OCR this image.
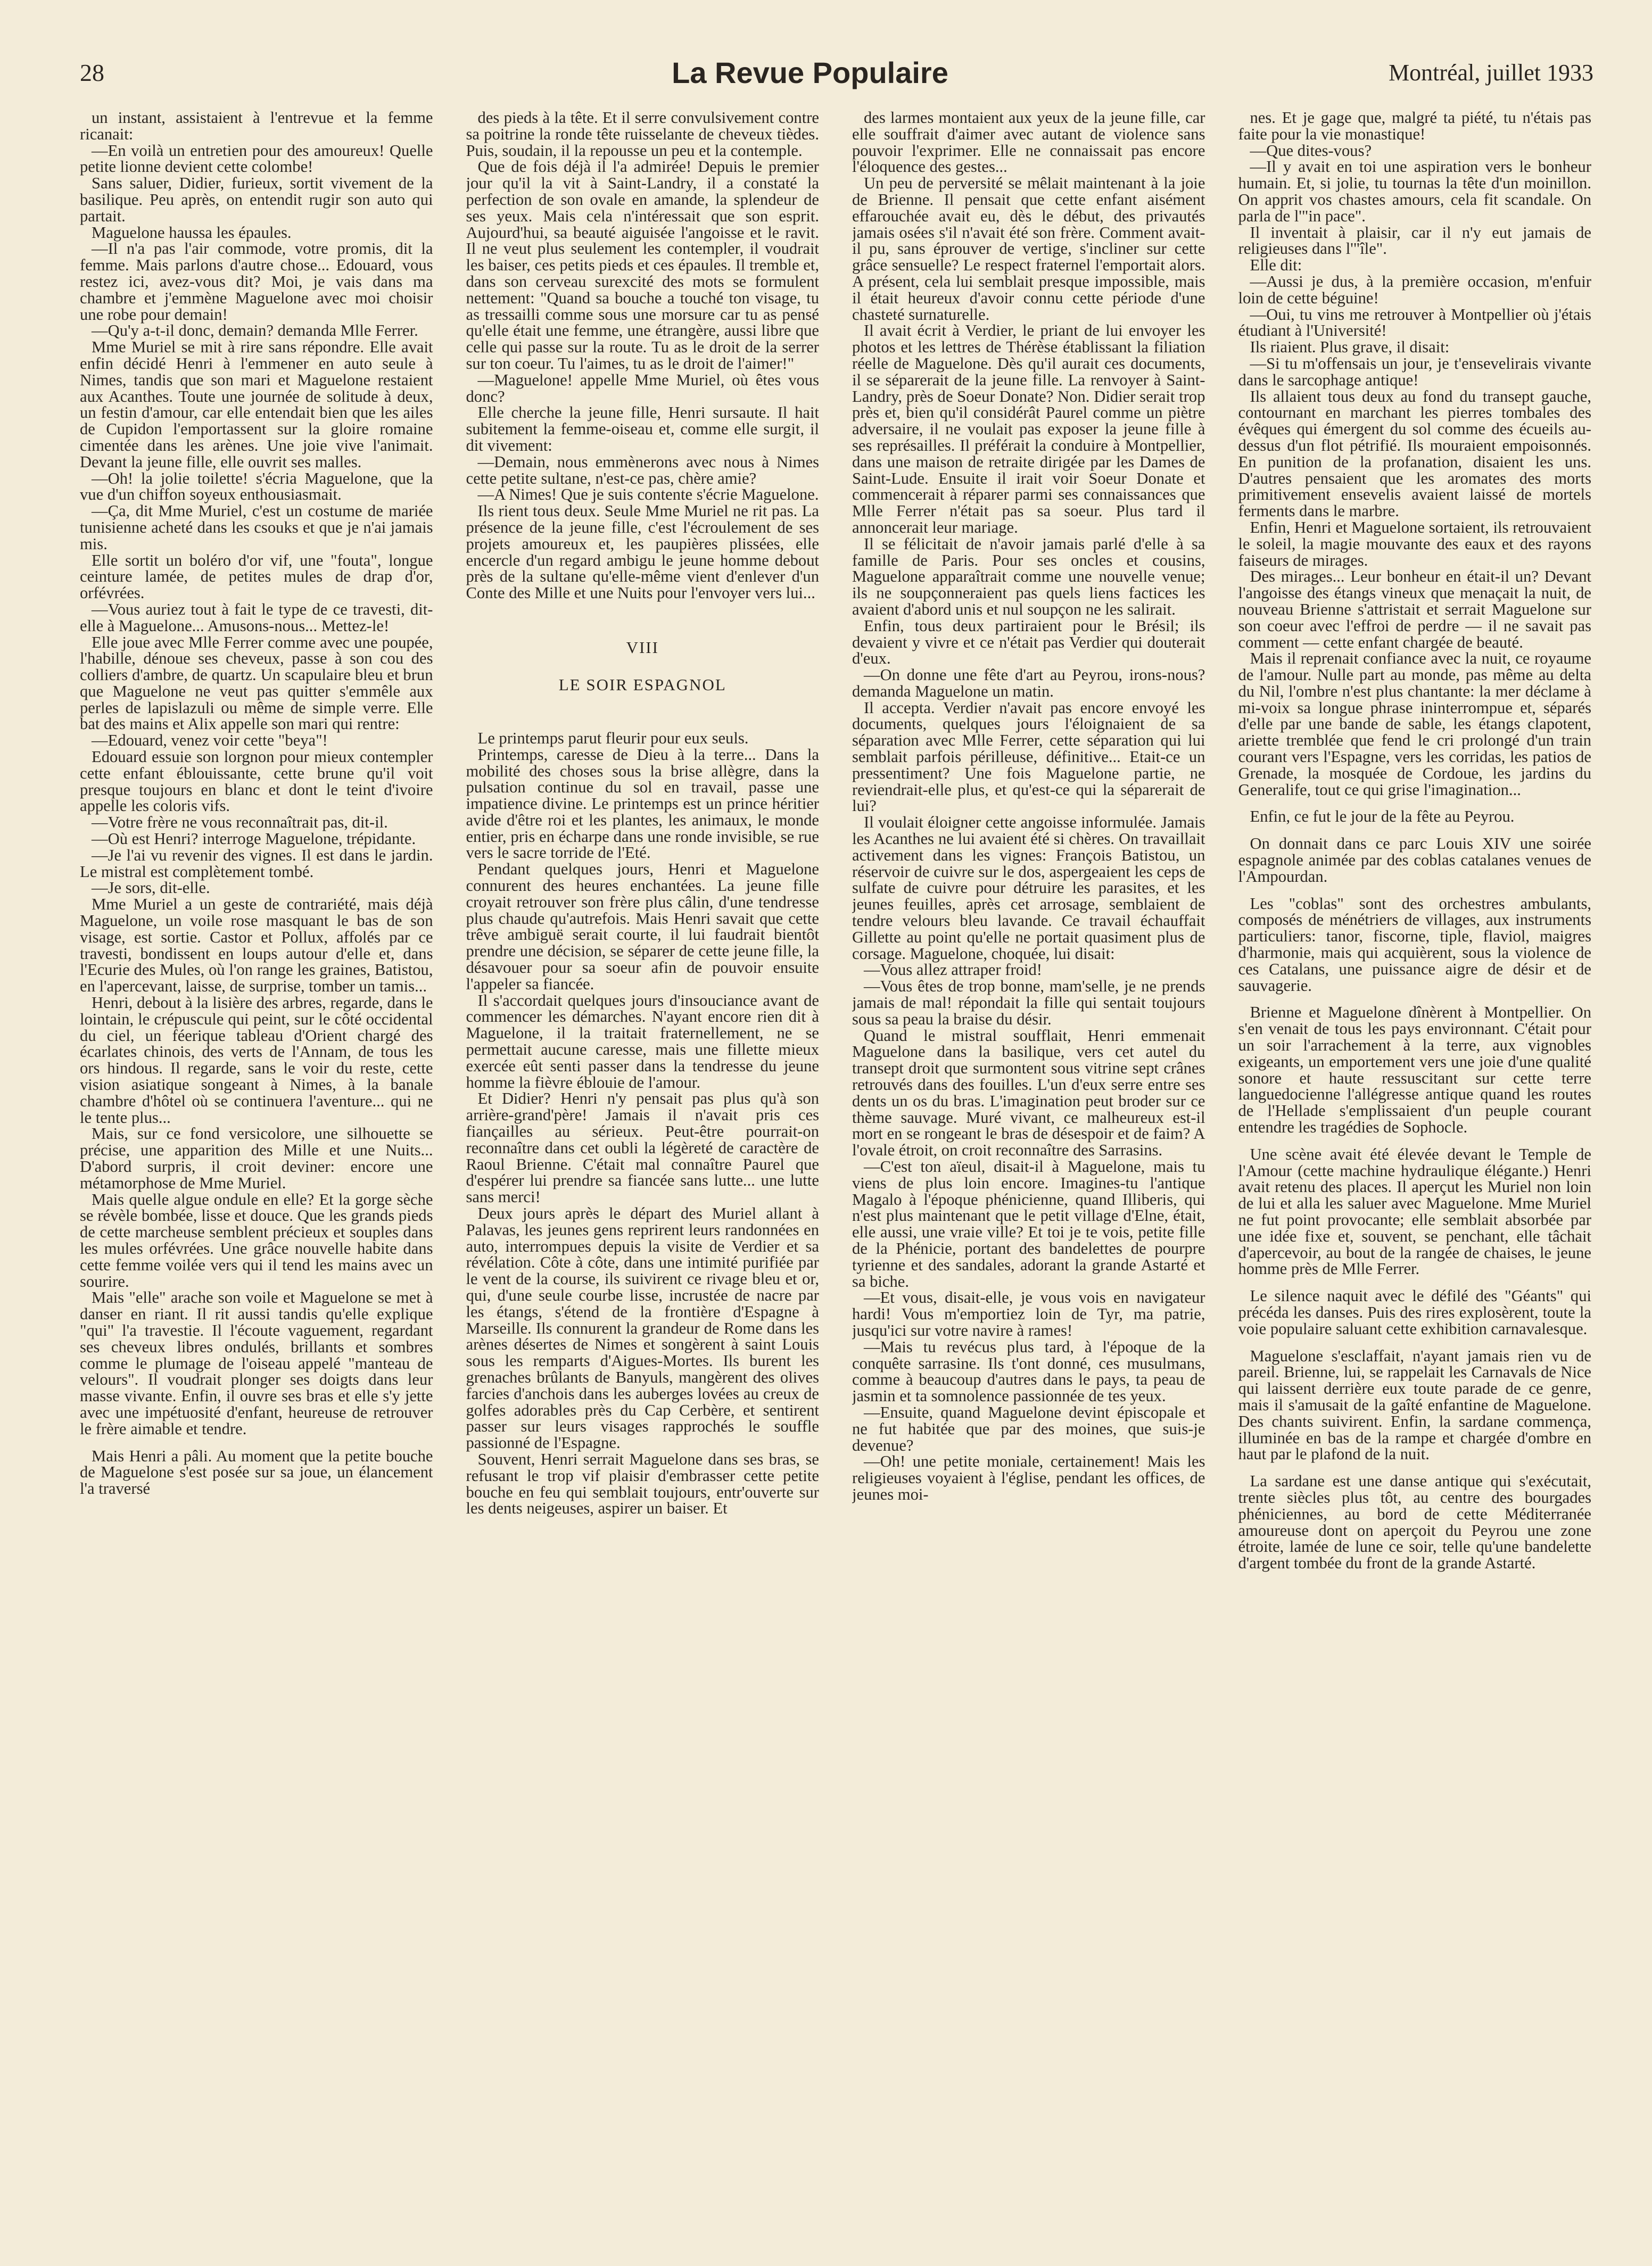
28	La Revue Populaire	Montréal, juillet 1933

un instant, assistaient à l'entrevue et la femme ricanait:

—En voilà un entretien pour des amoureux! Quelle petite lionne devient cette colombe!

Sans saluer, Didier, furieux, sortit vivement de la basilique. Peu après, on entendit rugir son auto qui partait.

Maguelone haussa les épaules.

—Il n'a pas l'air commode, votre promis, dit la femme. Mais parlons d'autre chose... Edouard, vous restez ici, avez-vous dit? Moi, je vais dans ma chambre et j'emmène Maguelone avec moi choisir une robe pour demain!

—Qu'y a-t-il donc, demain? demanda Mlle Ferrer.

Mme Muriel se mit à rire sans répondre. Elle avait enfin décidé Henri à l'emmener en auto seule à Nimes, tandis que son mari et Maguelone restaient aux Acanthes. Toute une journée de solitude à deux, un festin d'amour, car elle entendait bien que les ailes de Cupidon l'emportassent sur la gloire romaine cimentée dans les arènes. Une joie vive l'animait. Devant la jeune fille, elle ouvrit ses malles.

—Oh! la jolie toilette! s'écria Maguelone, que la vue d'un chiffon soyeux enthousiasmait.

—Ça, dit Mme Muriel, c'est un costume de mariée tunisienne acheté dans les csouks et que je n'ai jamais mis.

Elle sortit un boléro d'or vif, une "fouta", longue ceinture lamée, de petites mules de drap d'or, orfévrées.

—Vous auriez tout à fait le type de ce travesti, dit-elle à Maguelone... Amusons-nous... Mettez-le!

Elle joue avec Mlle Ferrer comme avec une poupée, l'habille, dénoue ses cheveux, passe à son cou des colliers d'ambre, de quartz. Un scapulaire bleu et brun que Maguelone ne veut pas quitter s'emmêle aux perles de lapislazuli ou même de simple verre. Elle bat des mains et Alix appelle son mari qui rentre:

—Edouard, venez voir cette "beya"!

Edouard essuie son lorgnon pour mieux contempler cette enfant éblouissante, cette brune qu'il voit presque toujours en blanc et dont le teint d'ivoire appelle les coloris vifs.

—Votre frère ne vous reconnaîtrait pas, dit-il.

—Où est Henri? interroge Maguelone, trépidante.

—Je l'ai vu revenir des vignes. Il est dans le jardin. Le mistral est complètement tombé.

—Je sors, dit-elle.

Mme Muriel a un geste de contrariété, mais déjà Maguelone, un voile rose masquant le bas de son visage, est sortie. Castor et Pollux, affolés par ce travesti, bondissent en loups autour d'elle et, dans l'Ecurie des Mules, où l'on range les graines, Batistou, en l'apercevant, laisse, de surprise, tomber un tamis...

Henri, debout à la lisière des arbres, regarde, dans le lointain, le crépuscule qui peint, sur le côté occidental du ciel, un féerique tableau d'Orient chargé des écarlates chinois, des verts de l'Annam, de tous les ors hindous. Il regarde, sans le voir du reste, cette vision asiatique songeant à Nimes, à la banale chambre d'hôtel où se continuera l'aventure... qui ne le tente plus...

Mais, sur ce fond versicolore, une silhouette se précise, une apparition des Mille et une Nuits... D'abord surpris, il croit deviner: encore une métamorphose de Mme Muriel.

Mais quelle algue ondule en elle? Et la gorge sèche se révèle bombée, lisse et douce. Que les grands pieds de cette marcheuse semblent précieux et souples dans les mules orfévrées. Une grâce nouvelle habite dans cette femme voilée vers qui il tend les mains avec un sourire.

Mais "elle" arache son voile et Maguelone se met à danser en riant. Il rit aussi tandis qu'elle explique "qui" l'a travestie. Il l'écoute vaguement, regardant ses cheveux libres ondulés, brillants et sombres comme le plumage de l'oiseau appelé "manteau de velours". Il voudrait plonger ses doigts dans leur masse vivante. Enfin, il ouvre ses bras et elle s'y jette avec une impétuosité d'enfant, heureuse de retrouver le frère aimable et tendre.

Mais Henri a pâli. Au moment que la petite bouche de Maguelone s'est posée sur sa joue, un élancement l'a traversé

des pieds à la tête. Et il serre convulsivement contre sa poitrine la ronde tête ruisselante de cheveux tièdes. Puis, soudain, il la repousse un peu et la contemple.

Que de fois déjà il l'a admirée! Depuis le premier jour qu'il la vit à Saint-Landry, il a constaté la perfection de son ovale en amande, la splendeur de ses yeux. Mais cela n'intéressait que son esprit. Aujourd'hui, sa beauté aiguisée l'angoisse et le ravit. Il ne veut plus seulement les contempler, il voudrait les baiser, ces petits pieds et ces épaules. Il tremble et, dans son cerveau surexcité des mots se formulent nettement: "Quand sa bouche a touché ton visage, tu as tressailli comme sous une morsure car tu as pensé qu'elle était une femme, une étrangère, aussi libre que celle qui passe sur la route. Tu as le droit de la serrer sur ton coeur. Tu l'aimes, tu as le droit de l'aimer!"

—Maguelone! appelle Mme Muriel, où êtes vous donc?

Elle cherche la jeune fille, Henri sursaute. Il hait subitement la femme-oiseau et, comme elle surgit, il dit vivement:

—Demain, nous emmènerons avec nous à Nimes cette petite sultane, n'est-ce pas, chère amie?

—A Nimes! Que je suis contente s'écrie Maguelone.

Ils rient tous deux. Seule Mme Muriel ne rit pas. La présence de la jeune fille, c'est l'écroulement de ses projets amoureux et, les paupières plissées, elle encercle d'un regard ambigu le jeune homme debout près de la sultane qu'elle-même vient d'enlever d'un Conte des Mille et une Nuits pour l'envoyer vers lui...

VIII
LE SOIR ESPAGNOL

Le printemps parut fleurir pour eux seuls.

Printemps, caresse de Dieu à la terre... Dans la mobilité des choses sous la brise allègre, dans la pulsation continue du sol en travail, passe une impatience divine. Le printemps est un prince héritier avide d'être roi et les plantes, les animaux, le monde entier, pris en écharpe dans une ronde invisible, se rue vers le sacre torride de l'Eté.

Pendant quelques jours, Henri et Maguelone connurent des heures enchantées. La jeune fille croyait retrouver son frère plus câlin, d'une tendresse plus chaude qu'autrefois. Mais Henri savait que cette trêve ambiguë serait courte, il lui faudrait bientôt prendre une décision, se séparer de cette jeune fille, la désavouer pour sa soeur afin de pouvoir ensuite l'appeler sa fiancée.

Il s'accordait quelques jours d'insouciance avant de commencer les démarches. N'ayant encore rien dit à Maguelone, il la traitait fraternellement, ne se permettait aucune caresse, mais une fillette mieux exercée eût senti passer dans la tendresse du jeune homme la fièvre éblouie de l'amour.

Et Didier? Henri n'y pensait pas plus qu'à son arrière-grand'père! Jamais il n'avait pris ces fiançailles au sérieux. Peut-être pourrait-on reconnaître dans cet oubli la légèreté de caractère de Raoul Brienne. C'était mal connaître Paurel que d'espérer lui prendre sa fiancée sans lutte... une lutte sans merci!

Deux jours après le départ des Muriel allant à Palavas, les jeunes gens reprirent leurs randonnées en auto, interrompues depuis la visite de Verdier et sa révélation. Côte à côte, dans une intimité purifiée par le vent de la course, ils suivirent ce rivage bleu et or, qui, d'une seule courbe lisse, incrustée de nacre par les étangs, s'étend de la frontière d'Espagne à Marseille. Ils connurent la grandeur de Rome dans les arènes désertes de Nimes et songèrent à saint Louis sous les remparts d'Aigues-Mortes. Ils burent les grenaches brûlants de Banyuls, mangèrent des olives farcies d'anchois dans les auberges lovées au creux de golfes adorables près du Cap Cerbère, et sentirent passer sur leurs visages rapprochés le souffle passionné de l'Espagne.

Souvent, Henri serrait Maguelone dans ses bras, se refusant le trop vif plaisir d'embrasser cette petite bouche en feu qui semblait toujours, entr'ouverte sur les dents neigeuses, aspirer un baiser. Et

des larmes montaient aux yeux de la jeune fille, car elle souffrait d'aimer avec autant de violence sans pouvoir l'exprimer. Elle ne connaissait pas encore l'éloquence des gestes...

Un peu de perversité se mêlait maintenant à la joie de Brienne. Il pensait que cette enfant aisément effarouchée avait eu, dès le début, des privautés jamais osées s'il n'avait été son frère. Comment avait-il pu, sans éprouver de vertige, s'incliner sur cette grâce sensuelle? Le respect fraternel l'emportait alors. A présent, cela lui semblait presque impossible, mais il était heureux d'avoir connu cette période d'une chasteté surnaturelle.

Il avait écrit à Verdier, le priant de lui envoyer les photos et les lettres de Thérèse établissant la filiation réelle de Maguelone. Dès qu'il aurait ces documents, il se séparerait de la jeune fille. La renvoyer à Saint-Landry, près de Soeur Donate? Non. Didier serait trop près et, bien qu'il considérât Paurel comme un piètre adversaire, il ne voulait pas exposer la jeune fille à ses représailles. Il préférait la conduire à Montpellier, dans une maison de retraite dirigée par les Dames de Saint-Lude. Ensuite il irait voir Soeur Donate et commencerait à réparer parmi ses connaissances que Mlle Ferrer n'était pas sa soeur. Plus tard il annoncerait leur mariage.

Il se félicitait de n'avoir jamais parlé d'elle à sa famille de Paris. Pour ses oncles et cousins, Maguelone apparaîtrait comme une nouvelle venue; ils ne soupçonneraient pas quels liens factices les avaient d'abord unis et nul soupçon ne les salirait.

Enfin, tous deux partiraient pour le Brésil; ils devaient y vivre et ce n'était pas Verdier qui douterait d'eux.

—On donne une fête d'art au Peyrou, irons-nous? demanda Maguelone un matin.

Il accepta. Verdier n'avait pas encore envoyé les documents, quelques jours l'éloignaient de sa séparation avec Mlle Ferrer, cette séparation qui lui semblait parfois périlleuse, définitive... Etait-ce un pressentiment? Une fois Maguelone partie, ne reviendrait-elle plus, et qu'est-ce qui la séparerait de lui?

Il voulait éloigner cette angoisse informulée. Jamais les Acanthes ne lui avaient été si chères. On travaillait activement dans les vignes: François Batistou, un réservoir de cuivre sur le dos, aspergeaient les ceps de sulfate de cuivre pour détruire les parasites, et les jeunes feuilles, après cet arrosage, semblaient de tendre velours bleu lavande. Ce travail échauffait Gillette au point qu'elle ne portait quasiment plus de corsage. Maguelone, choquée, lui disait:

—Vous allez attraper froid!

—Vous êtes de trop bonne, mam'selle, je ne prends jamais de mal! répondait la fille qui sentait toujours sous sa peau la braise du désir.

Quand le mistral soufflait, Henri emmenait Maguelone dans la basilique, vers cet autel du transept droit que surmontent sous vitrine sept crânes retrouvés dans des fouilles. L'un d'eux serre entre ses dents un os du bras. L'imagination peut broder sur ce thème sauvage. Muré vivant, ce malheureux est-il mort en se rongeant le bras de désespoir et de faim? A l'ovale étroit, on croit reconnaître des Sarrasins.

—C'est ton aïeul, disait-il à Maguelone, mais tu viens de plus loin encore. Imagines-tu l'antique Magalo à l'époque phénicienne, quand Illiberis, qui n'est plus maintenant que le petit village d'Elne, était, elle aussi, une vraie ville? Et toi je te vois, petite fille de la Phénicie, portant des bandelettes de pourpre tyrienne et des sandales, adorant la grande Astarté et sa biche.

—Et vous, disait-elle, je vous vois en navigateur hardi! Vous m'emportiez loin de Tyr, ma patrie, jusqu'ici sur votre navire à rames!

—Mais tu revécus plus tard, à l'époque de la conquête sarrasine. Ils t'ont donné, ces musulmans, comme à beaucoup d'autres dans le pays, ta peau de jasmin et ta somnolence passionnée de tes yeux.

—Ensuite, quand Maguelone devint épiscopale et ne fut habitée que par des moines, que suis-je devenue?

—Oh! une petite moniale, certainement! Mais les religieuses voyaient à l'église, pendant les offices, de jeunes moi-

nes. Et je gage que, malgré ta piété, tu n'étais pas faite pour la vie monastique!

—Que dites-vous?

—Il y avait en toi une aspiration vers le bonheur humain. Et, si jolie, tu tournas la tête d'un moinillon. On apprit vos chastes amours, cela fit scandale. On parla de l'"in pace".

Il inventait à plaisir, car il n'y eut jamais de religieuses dans l'"île".

Elle dit:

—Aussi je dus, à la première occasion, m'enfuir loin de cette béguine!

—Oui, tu vins me retrouver à Montpellier où j'étais étudiant à l'Université!

Ils riaient. Plus grave, il disait:

—Si tu m'offensais un jour, je t'ensevelirais vivante dans le sarcophage antique!

Ils allaient tous deux au fond du transept gauche, contournant en marchant les pierres tombales des évêques qui émergent du sol comme des écueils au-dessus d'un flot pétrifié. Ils mouraient empoisonnés. En punition de la profanation, disaient les uns. D'autres pensaient que les aromates des morts primitivement ensevelis avaient laissé de mortels ferments dans le marbre.

Enfin, Henri et Maguelone sortaient, ils retrouvaient le soleil, la magie mouvante des eaux et des rayons faiseurs de mirages.

Des mirages... Leur bonheur en était-il un? Devant l'angoisse des étangs vineux que menaçait la nuit, de nouveau Brienne s'attristait et serrait Maguelone sur son coeur avec l'effroi de perdre — il ne savait pas comment — cette enfant chargée de beauté.

Mais il reprenait confiance avec la nuit, ce royaume de l'amour. Nulle part au monde, pas même au delta du Nil, l'ombre n'est plus chantante: la mer déclame à mi-voix sa longue phrase ininterrompue et, séparés d'elle par une bande de sable, les étangs clapotent, ariette tremblée que fend le cri prolongé d'un train courant vers l'Espagne, vers les corridas, les patios de Grenade, la mosquée de Cordoue, les jardins du Generalife, tout ce qui grise l'imagination...

Enfin, ce fut le jour de la fête au Peyrou.

On donnait dans ce parc Louis XIV une soirée espagnole animée par des coblas catalanes venues de l'Ampourdan.

Les "coblas" sont des orchestres ambulants, composés de ménétriers de villages, aux instruments particuliers: tanor, fiscorne, tiple, flaviol, maigres d'harmonie, mais qui acquièrent, sous la violence de ces Catalans, une puissance aigre de désir et de sauvagerie.

Brienne et Maguelone dînèrent à Montpellier. On s'en venait de tous les pays environnant. C'était pour un soir l'arrachement à la terre, aux vignobles exigeants, un emportement vers une joie d'une qualité sonore et haute ressuscitant sur cette terre languedocienne l'allégresse antique quand les routes de l'Hellade s'emplissaient d'un peuple courant entendre les tragédies de Sophocle.

Une scène avait été élevée devant le Temple de l'Amour (cette machine hydraulique élégante.) Henri avait retenu des places. Il aperçut les Muriel non loin de lui et alla les saluer avec Maguelone. Mme Muriel ne fut point provocante; elle semblait absorbée par une idée fixe et, souvent, se penchant, elle tâchait d'apercevoir, au bout de la rangée de chaises, le jeune homme près de Mlle Ferrer.

Le silence naquit avec le défilé des "Géants" qui précéda les danses. Puis des rires explosèrent, toute la voie populaire saluant cette exhibition carnavalesque.

Maguelone s'esclaffait, n'ayant jamais rien vu de pareil. Brienne, lui, se rappelait les Carnavals de Nice qui laissent derrière eux toute parade de ce genre, mais il s'amusait de la gaîté enfantine de Maguelone. Des chants suivirent. Enfin, la sardane commença, illuminée en bas de la rampe et chargée d'ombre en haut par le plafond de la nuit.

La sardane est une danse antique qui s'exécutait, trente siècles plus tôt, au centre des bourgades phéniciennes, au bord de cette Méditerranée amoureuse dont on aperçoit du Peyrou une zone étroite, lamée de lune ce soir, telle qu'une bandelette d'argent tombée du front de la grande Astarté.
